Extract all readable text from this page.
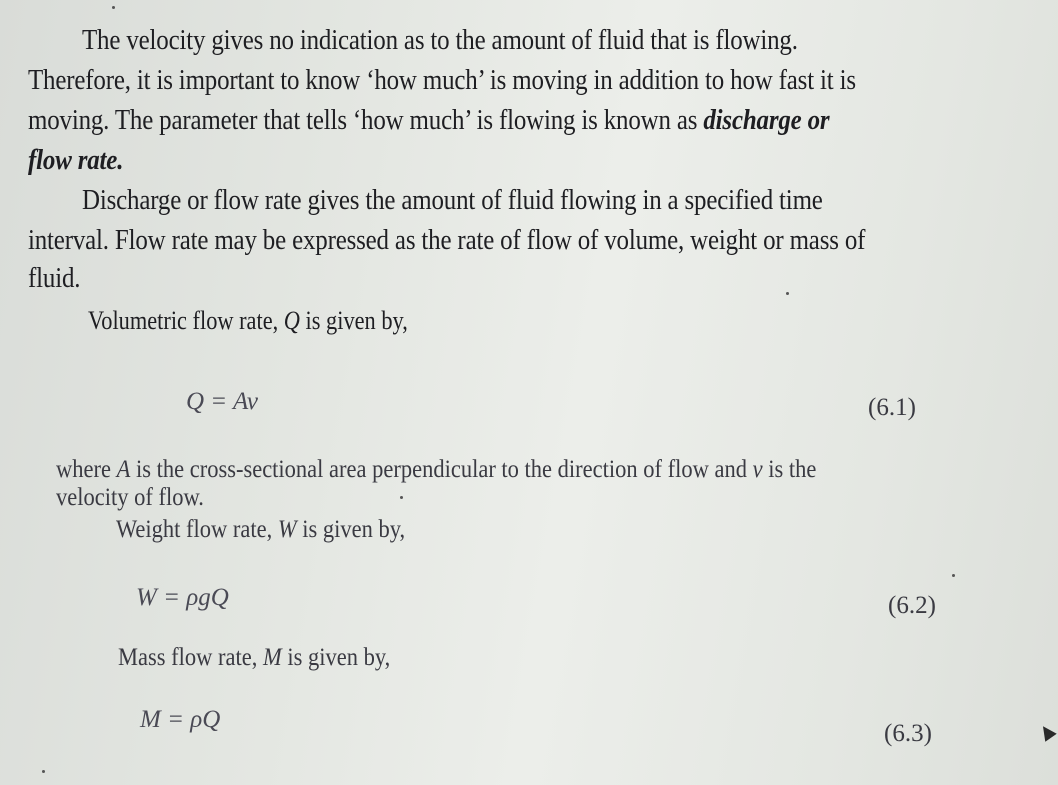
The velocity gives no indication as to the amount of fluid that is flowing.
Therefore, it is important to know ‘how much’ is moving in addition to how fast it is
moving. The parameter that tells ‘how much’ is flowing is known as discharge or
flow rate.
Discharge or flow rate gives the amount of fluid flowing in a specified time
interval. Flow rate may be expressed as the rate of flow of volume, weight or mass of
fluid.
Volumetric flow rate, Q is given by,
Q = Av	(6.1)
where A is the cross-sectional area perpendicular to the direction of flow and v is the
velocity of flow.
Weight flow rate, W is given by,
W = ρgQ	(6.2)
Mass flow rate, M is given by,
M = ρQ
(6.3)
